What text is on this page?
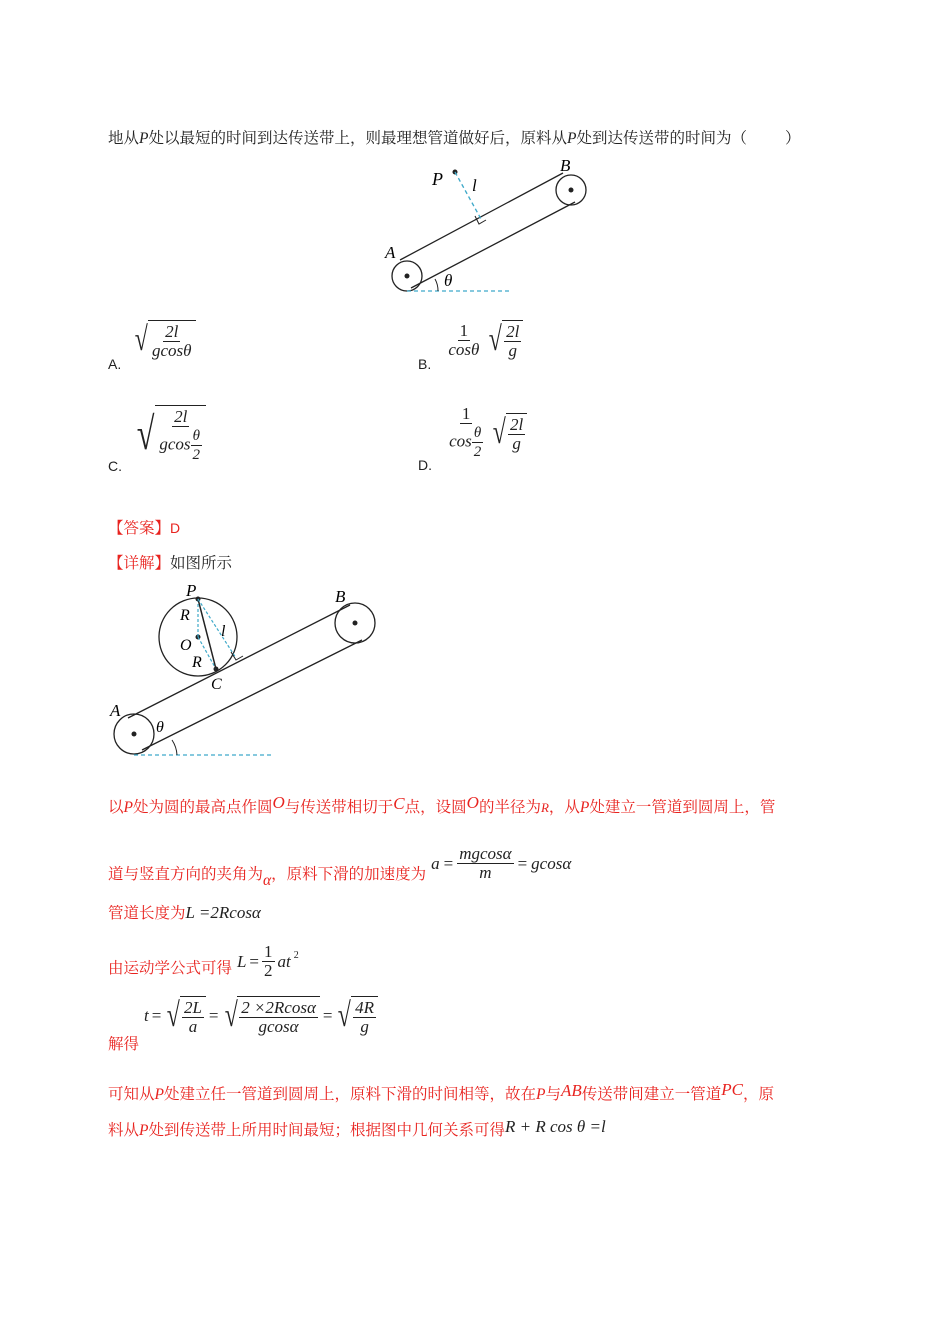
地从P处以最短的时间到达传送带上，则最理想管道做好后，原料从P处到达传送带的时间为（ ）
P l
B
A
θ
A.
√ $\frac{2l}{gcos\theta}$
B.
$\frac{1}{\cos\theta}$
√ $\frac{2l}{g}$
C.
√ $\frac{2l}{gcos \frac{\theta}{2}}$
D.
$\frac{1}{\cos \frac{\theta}{2}}$
√ $\frac{2l}{g}$
【答案】D
【详解】如图所示
P
R
O
R
l
C
B
A
θ
以P处为圆的最高点作圆O与传送带相切于C点，设圆O的半径为R，从P处建立一管道到圆周上，管
道与竖直方向的夹角为α，原料下滑的加速度为
$a = \frac{mgcos\alpha}{m} = gcos\alpha$
管道长度为L =2Rcosα
由运动学公式可得 $L = \frac{1}{2}$ at $^2$
解得
t = √ $\frac{2L}{a}$ = √ $\frac{2 \times 2Rcos\alpha}{gcos\alpha}$ = √ $\frac{4R}{g}$
可知从P处建立任一管道到圆周上，原料下滑的时间相等，故在P与AB传送带间建立一管道PC，原
料从P处到传送带上所用时间最短；根据图中几何关系可得R + R cos θ =l
